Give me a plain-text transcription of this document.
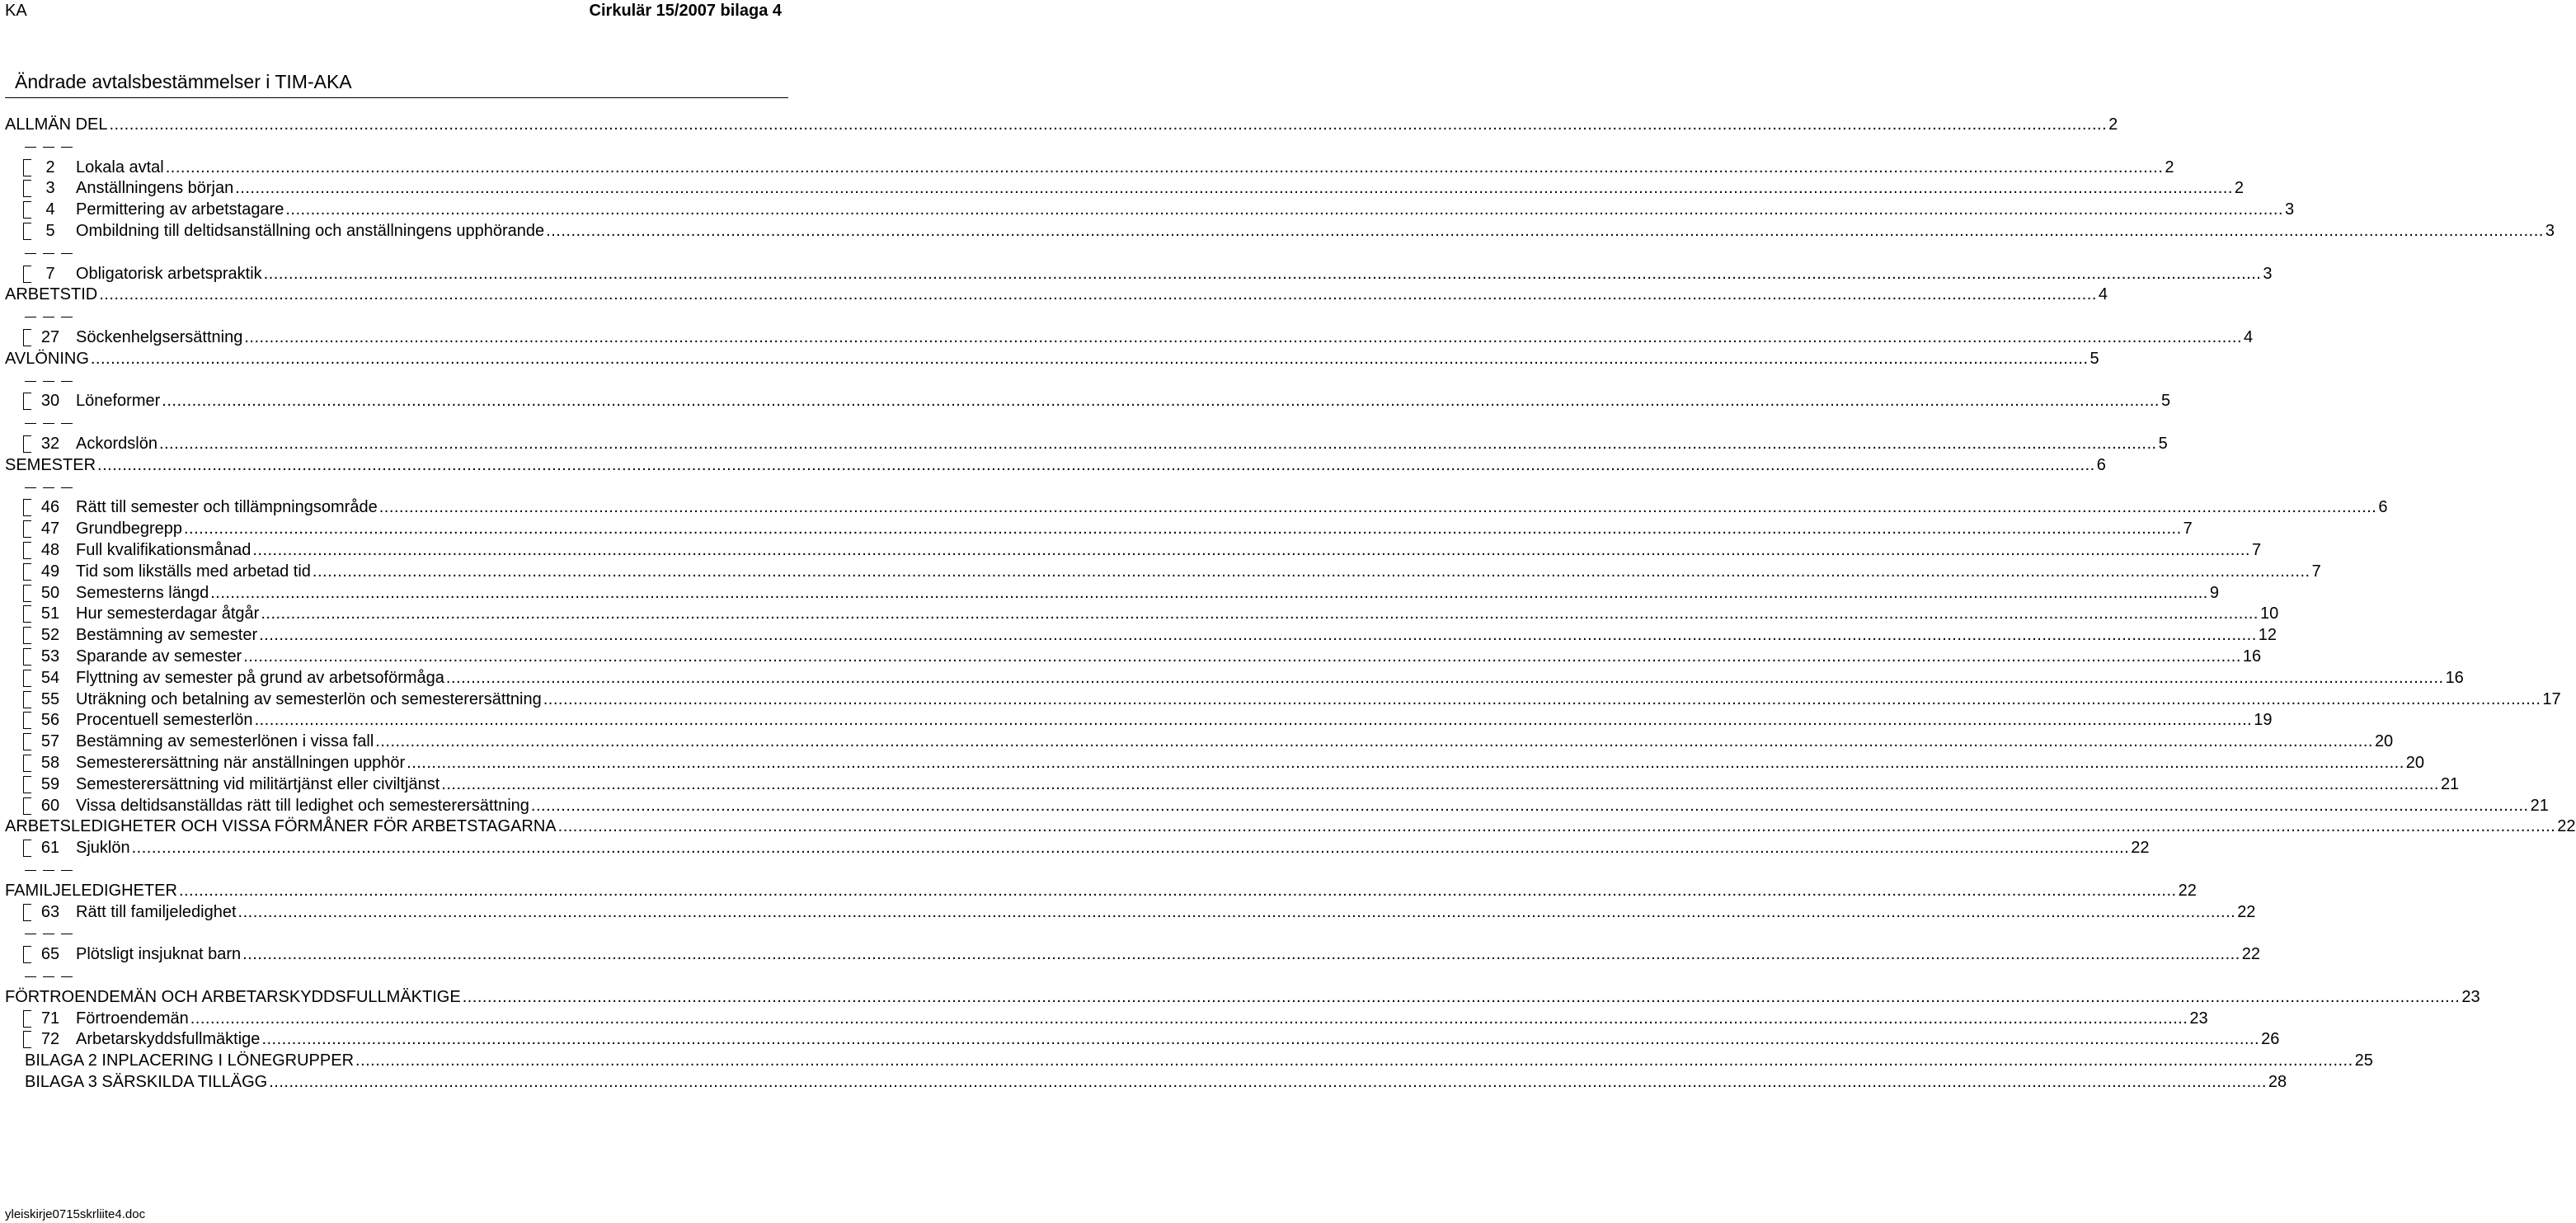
KA	Cirkulär 15/2007 bilaga 4
Ändrade avtalsbestämmelser i TIM-AKA
ALLMÄN DEL ................................................................................................................................................................................................................................................................................................................................................................................................................ 2
2	Lokala avtal ................................................................................................................................................................................................................................................................................................................................................................................................................ 2
3	Anställningens början ................................................................................................................................................................................................................................................................................................................................................................................................................ 2
4	Permittering av arbetstagare ................................................................................................................................................................................................................................................................................................................................................................................................................ 3
5	Ombildning till deltidsanställning och anställningens upphörande ................................................................................................................................................................................................................................................................................................................................................................................................................ 3
7	Obligatorisk arbetspraktik ................................................................................................................................................................................................................................................................................................................................................................................................................ 3
ARBETSTID ................................................................................................................................................................................................................................................................................................................................................................................................................ 4
27 Söckenhelgsersättning ................................................................................................................................................................................................................................................................................................................................................................................................................ 4
AVLÖNING ................................................................................................................................................................................................................................................................................................................................................................................................................ 5
30 Löneformer ................................................................................................................................................................................................................................................................................................................................................................................................................ 5
32 Ackordslön ................................................................................................................................................................................................................................................................................................................................................................................................................ 5
SEMESTER ................................................................................................................................................................................................................................................................................................................................................................................................................ 6
46 Rätt till semester och tillämpningsområde ................................................................................................................................................................................................................................................................................................................................................................................................................ 6
47 Grundbegrepp ................................................................................................................................................................................................................................................................................................................................................................................................................ 7
48 Full kvalifikationsmånad ................................................................................................................................................................................................................................................................................................................................................................................................................ 7
49 Tid som likställs med arbetad tid ................................................................................................................................................................................................................................................................................................................................................................................................................ 7
50 Semesterns längd ................................................................................................................................................................................................................................................................................................................................................................................................................ 9
51 Hur semesterdagar åtgår ................................................................................................................................................................................................................................................................................................................................................................................................................ 10
52 Bestämning av semester ................................................................................................................................................................................................................................................................................................................................................................................................................ 12
53 Sparande av semester ................................................................................................................................................................................................................................................................................................................................................................................................................ 16
54 Flyttning av semester på grund av arbetsoförmåga ................................................................................................................................................................................................................................................................................................................................................................................................................ 16
55 Uträkning och betalning av semesterlön och semesterersättning ................................................................................................................................................................................................................................................................................................................................................................................................................ 17
56 Procentuell semesterlön ................................................................................................................................................................................................................................................................................................................................................................................................................ 19
57 Bestämning av semesterlönen i vissa fall ................................................................................................................................................................................................................................................................................................................................................................................................................ 20
58 Semesterersättning när anställningen upphör ................................................................................................................................................................................................................................................................................................................................................................................................................ 20
59 Semesterersättning vid militärtjänst eller civiltjänst ................................................................................................................................................................................................................................................................................................................................................................................................................ 21
60 Vissa deltidsanställdas rätt till ledighet och semesterersättning ................................................................................................................................................................................................................................................................................................................................................................................................................ 21
ARBETSLEDIGHETER OCH VISSA FÖRMÅNER FÖR ARBETSTAGARNA ................................................................................................................................................................................................................................................................................................................................................................................................................ 22
61 Sjuklön ................................................................................................................................................................................................................................................................................................................................................................................................................ 22
FAMILJELEDIGHETER ................................................................................................................................................................................................................................................................................................................................................................................................................ 22
63 Rätt till familjeledighet ................................................................................................................................................................................................................................................................................................................................................................................................................ 22
65 Plötsligt insjuknat barn ................................................................................................................................................................................................................................................................................................................................................................................................................ 22
FÖRTROENDEMÄN OCH ARBETARSKYDDSFULLMÄKTIGE ................................................................................................................................................................................................................................................................................................................................................................................................................ 23
71 Förtroendemän ................................................................................................................................................................................................................................................................................................................................................................................................................ 23
72 Arbetarskyddsfullmäktige ................................................................................................................................................................................................................................................................................................................................................................................................................ 26
BILAGA 2 INPLACERING I LÖNEGRUPPER ................................................................................................................................................................................................................................................................................................................................................................................................................ 25
BILAGA 3 SÄRSKILDA TILLÄGG ................................................................................................................................................................................................................................................................................................................................................................................................................ 28
yleiskirje0715skrliite4.doc
